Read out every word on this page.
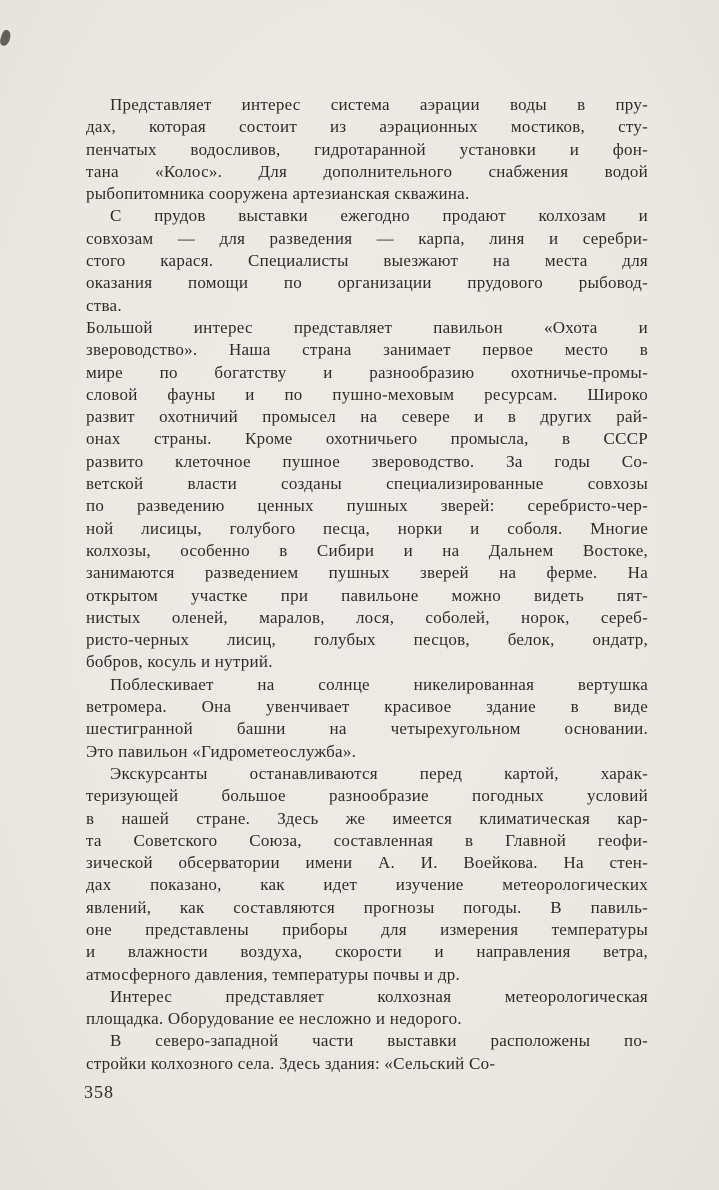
Представляет интерес система аэрации воды в пру-
дах, которая состоит из аэрационных мостиков, сту-
пенчатых водосливов, гидротаранной установки и фон-
тана «Колос». Для дополнительного снабжения водой
рыбопитомника сооружена артезианская скважина.

С прудов выставки ежегодно продают колхозам и
совхозам — для разведения — карпа, линя и серебри-
стого карася. Специалисты выезжают на места для
оказания помощи по организации прудового рыбовод-
ства.

Большой интерес представляет павильон «Охота и
звероводство». Наша страна занимает первое место в
мире по богатству и разнообразию охотничье-промы-
словой фауны и по пушно-меховым ресурсам. Широко
развит охотничий промысел на севере и в других рай-
онах страны. Кроме охотничьего промысла, в СССР
развито клеточное пушное звероводство. За годы Со-
ветской власти созданы специализированные совхозы
по разведению ценных пушных зверей: серебристо-чер-
ной лисицы, голубого песца, норки и соболя. Многие
колхозы, особенно в Сибири и на Дальнем Востоке,
занимаются разведением пушных зверей на ферме. На
открытом участке при павильоне можно видеть пят-
нистых оленей, маралов, лося, соболей, норок, сереб-
ристо-черных лисиц, голубых песцов, белок, ондатр,
бобров, косуль и нутрий.

Поблескивает на солнце никелированная вертушка
ветромера. Она увенчивает красивое здание в виде
шестигранной башни на четырехугольном основании.
Это павильон «Гидрометеослужба».

Экскурсанты останавливаются перед картой, харак-
теризующей большое разнообразие погодных условий
в нашей стране. Здесь же имеется климатическая кар-
та Советского Союза, составленная в Главной геофи-
зической обсерватории имени А. И. Воейкова. На стен-
дах показано, как идет изучение метеорологических
явлений, как составляются прогнозы погоды. В павиль-
оне представлены приборы для измерения температуры
и влажности воздуха, скорости и направления ветра,
атмосферного давления, температуры почвы и др.

Интерес представляет колхозная метеорологическая
площадка. Оборудование ее несложно и недорого.

В северо-западной части выставки расположены по-
стройки колхозного села. Здесь здания: «Сельский Со-

358
